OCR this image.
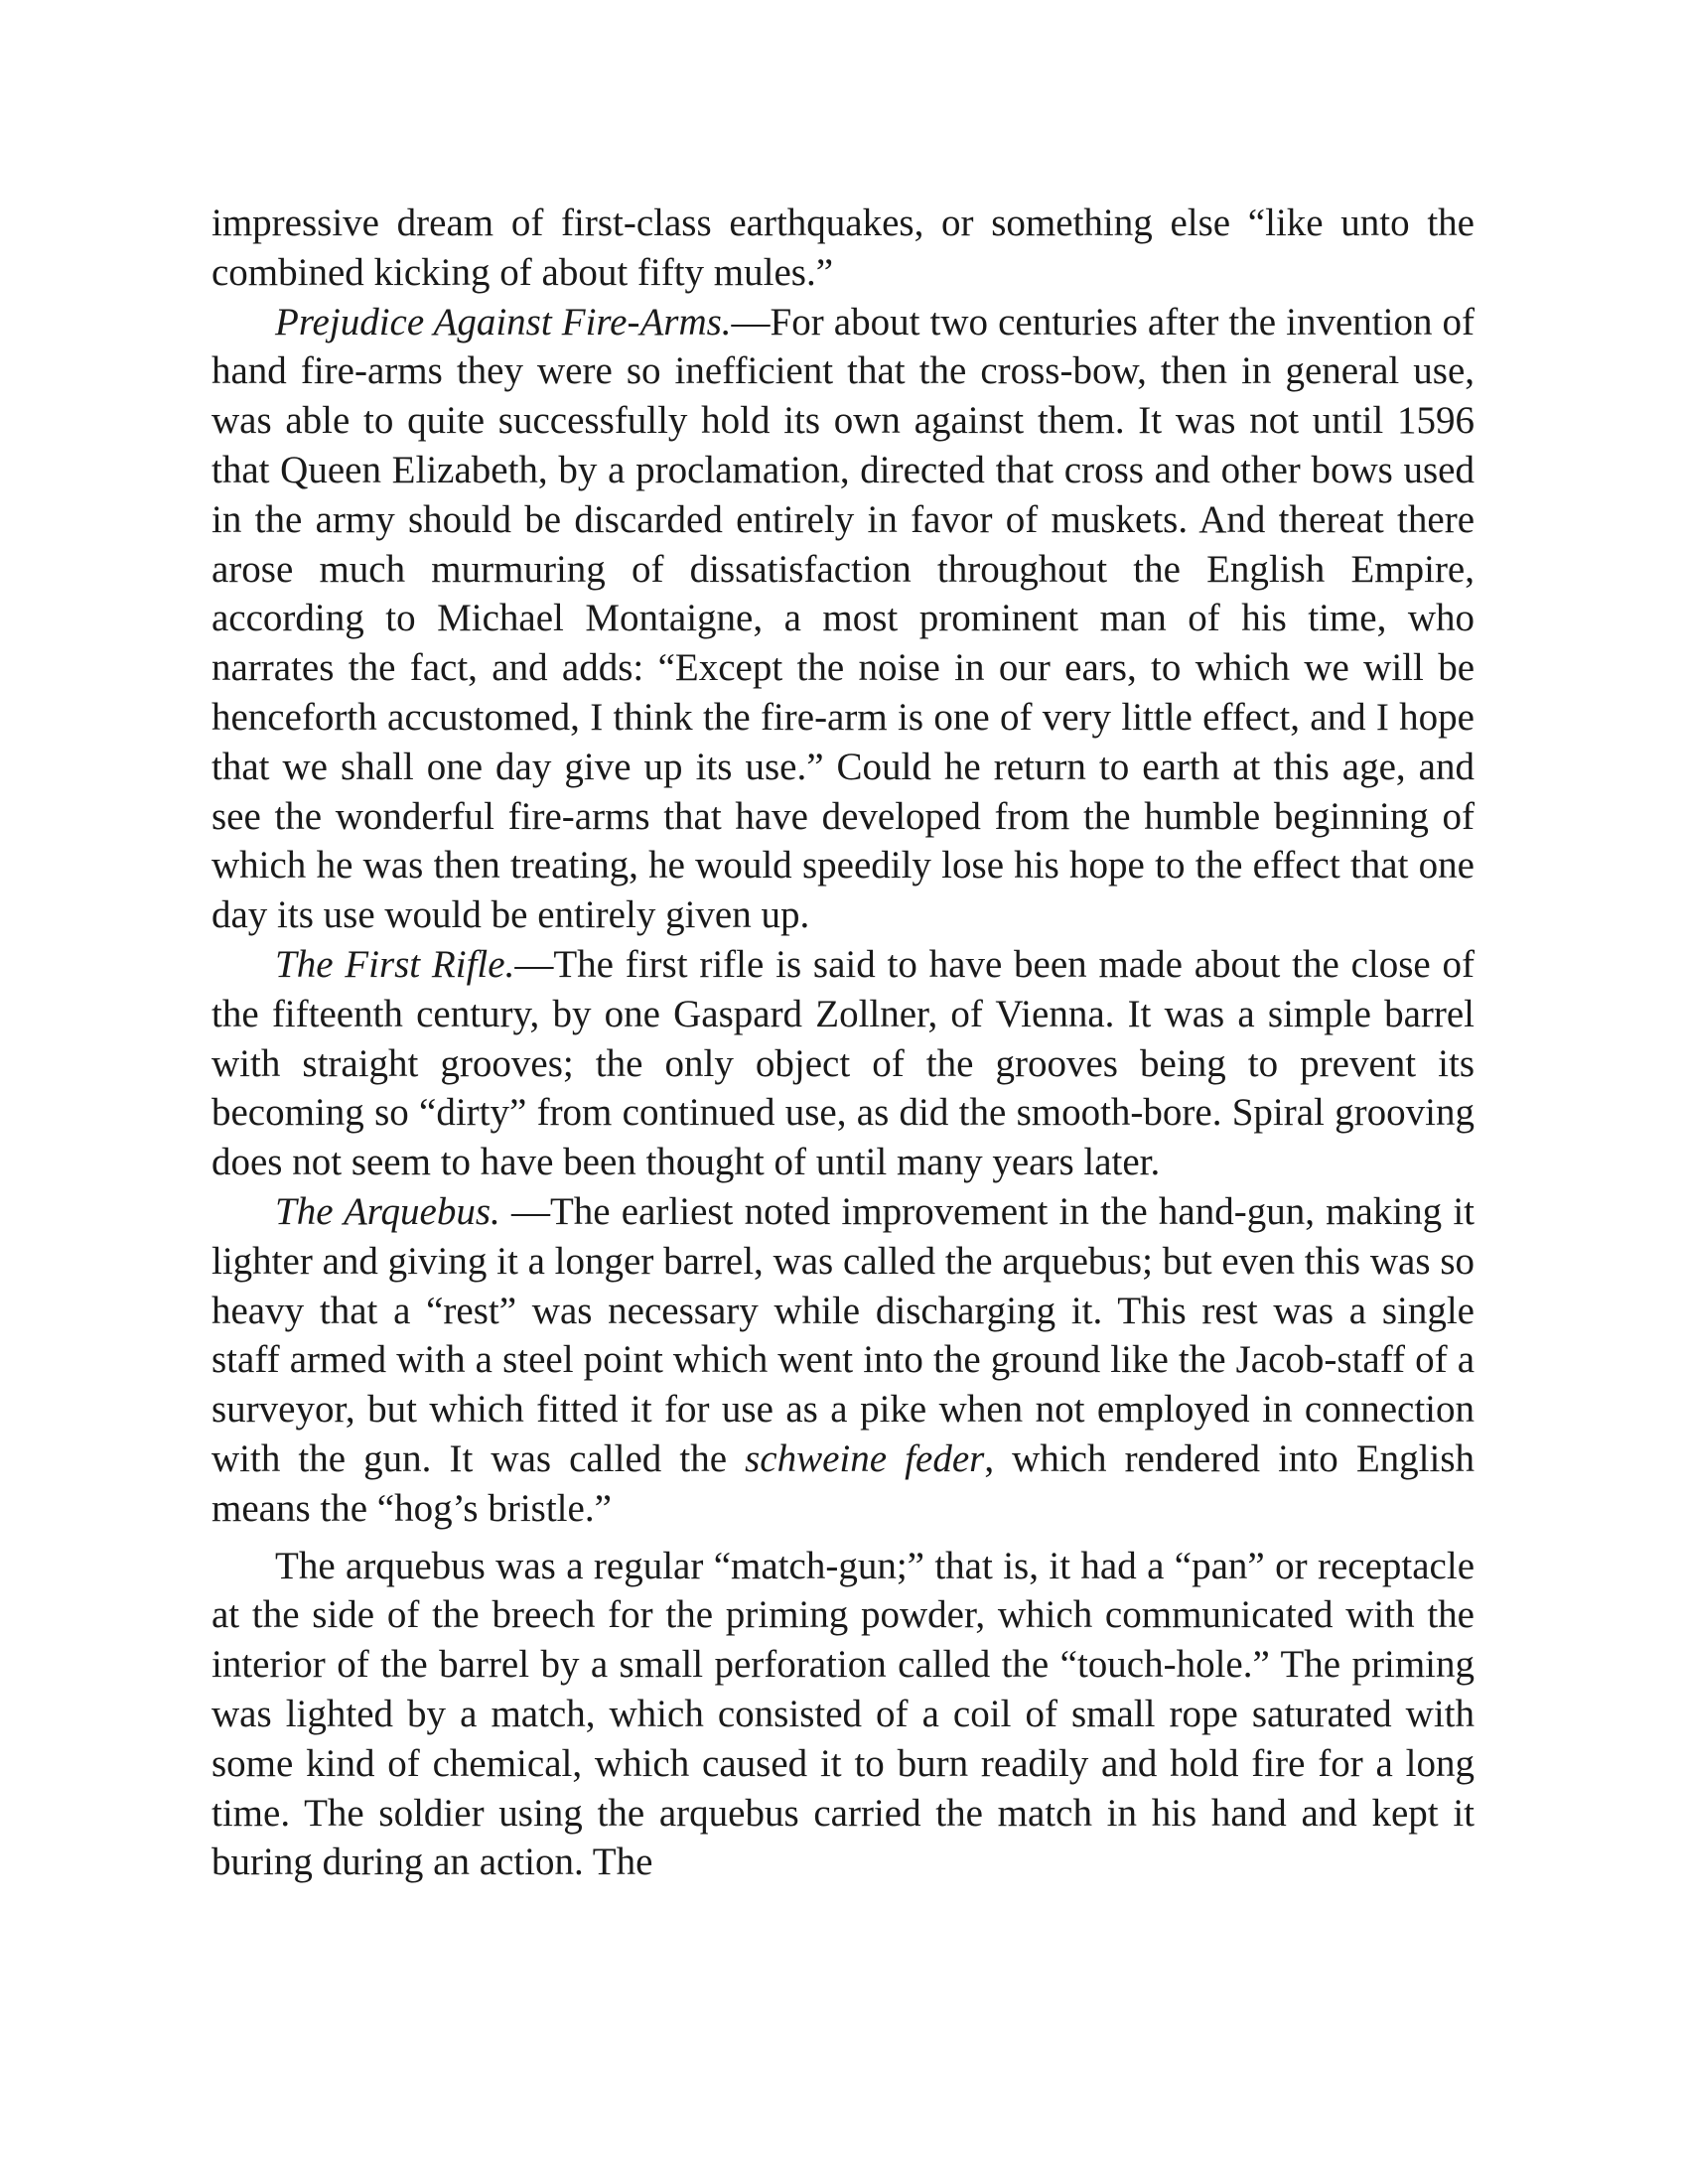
impressive dream of first-class earthquakes, or something else “like unto the combined kicking of about fifty mules.”

Prejudice Against Fire-Arms.—For about two centuries after the invention of hand fire-arms they were so inefficient that the cross-bow, then in general use, was able to quite successfully hold its own against them. It was not until 1596 that Queen Elizabeth, by a proclamation, directed that cross and other bows used in the army should be discarded entirely in favor of muskets. And thereat there arose much murmuring of dissatisfaction throughout the English Empire, according to Michael Montaigne, a most prominent man of his time, who narrates the fact, and adds: “Except the noise in our ears, to which we will be henceforth accustomed, I think the fire-arm is one of very little effect, and I hope that we shall one day give up its use.” Could he return to earth at this age, and see the wonderful fire-arms that have developed from the humble beginning of which he was then treating, he would speedily lose his hope to the effect that one day its use would be entirely given up.

The First Rifle.—The first rifle is said to have been made about the close of the fifteenth century, by one Gaspard Zollner, of Vienna. It was a simple barrel with straight grooves; the only object of the grooves being to prevent its becoming so “dirty” from continued use, as did the smooth-bore. Spiral grooving does not seem to have been thought of until many years later.

The Arquebus. —The earliest noted improvement in the hand-gun, making it lighter and giving it a longer barrel, was called the arquebus; but even this was so heavy that a “rest” was necessary while discharging it. This rest was a single staff armed with a steel point which went into the ground like the Jacob-staff of a surveyor, but which fitted it for use as a pike when not employed in connection with the gun. It was called the schweine feder, which rendered into English means the “hog’s bristle.”

The arquebus was a regular “match-gun;” that is, it had a “pan” or receptacle at the side of the breech for the priming powder, which communicated with the interior of the barrel by a small perforation called the “touch-hole.” The priming was lighted by a match, which consisted of a coil of small rope saturated with some kind of chemical, which caused it to burn readily and hold fire for a long time. The soldier using the arquebus carried the match in his hand and kept it buring during an action. The
